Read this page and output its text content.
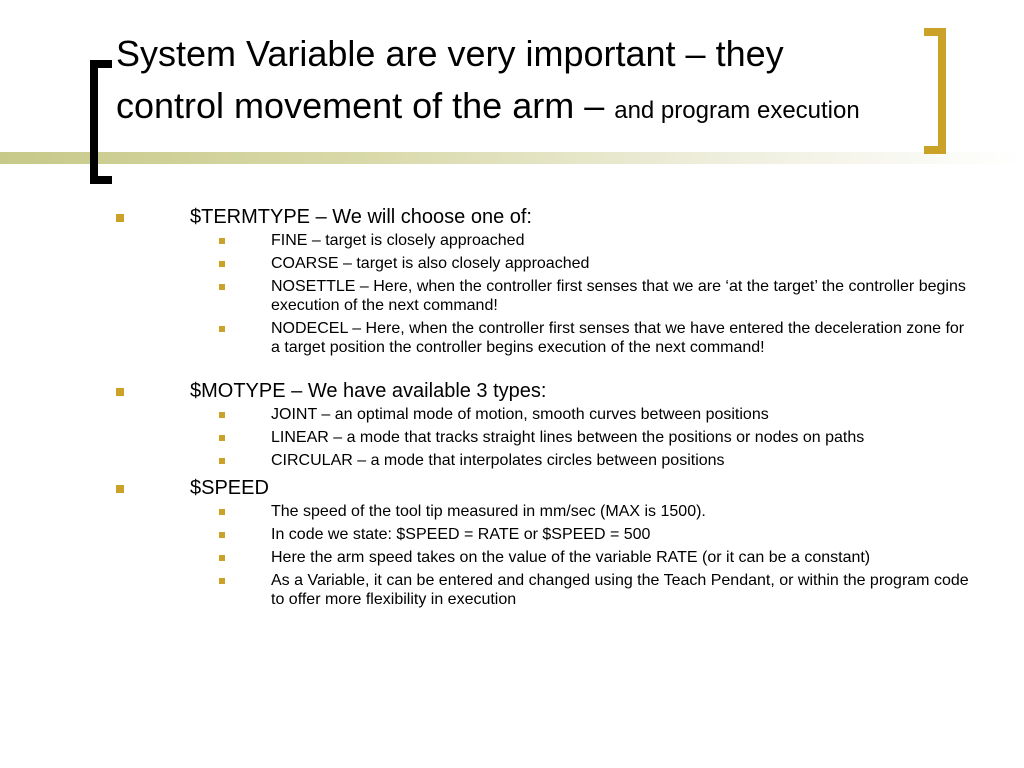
System Variable are very important – they control movement of the arm – and program execution
$TERMTYPE – We will choose one of:
FINE – target is closely approached
COARSE – target is also closely approached
NOSETTLE – Here, when the controller first senses that we are ‘at the target’ the controller begins execution of the next command!
NODECEL – Here, when the controller first senses that we have entered the deceleration zone for a target position the controller begins execution of the next command!
$MOTYPE – We have available 3 types:
JOINT – an optimal mode of motion, smooth curves between positions
LINEAR – a mode that tracks straight lines between the positions or nodes on paths
CIRCULAR – a mode that interpolates circles between positions
$SPEED
The speed of the tool tip measured in mm/sec (MAX is 1500).
In code we state: $SPEED = RATE or $SPEED = 500
Here the arm speed takes on the value of the variable RATE (or it can be a constant)
As a Variable, it can be entered and changed using the Teach Pendant, or within the program code to offer more flexibility in execution
